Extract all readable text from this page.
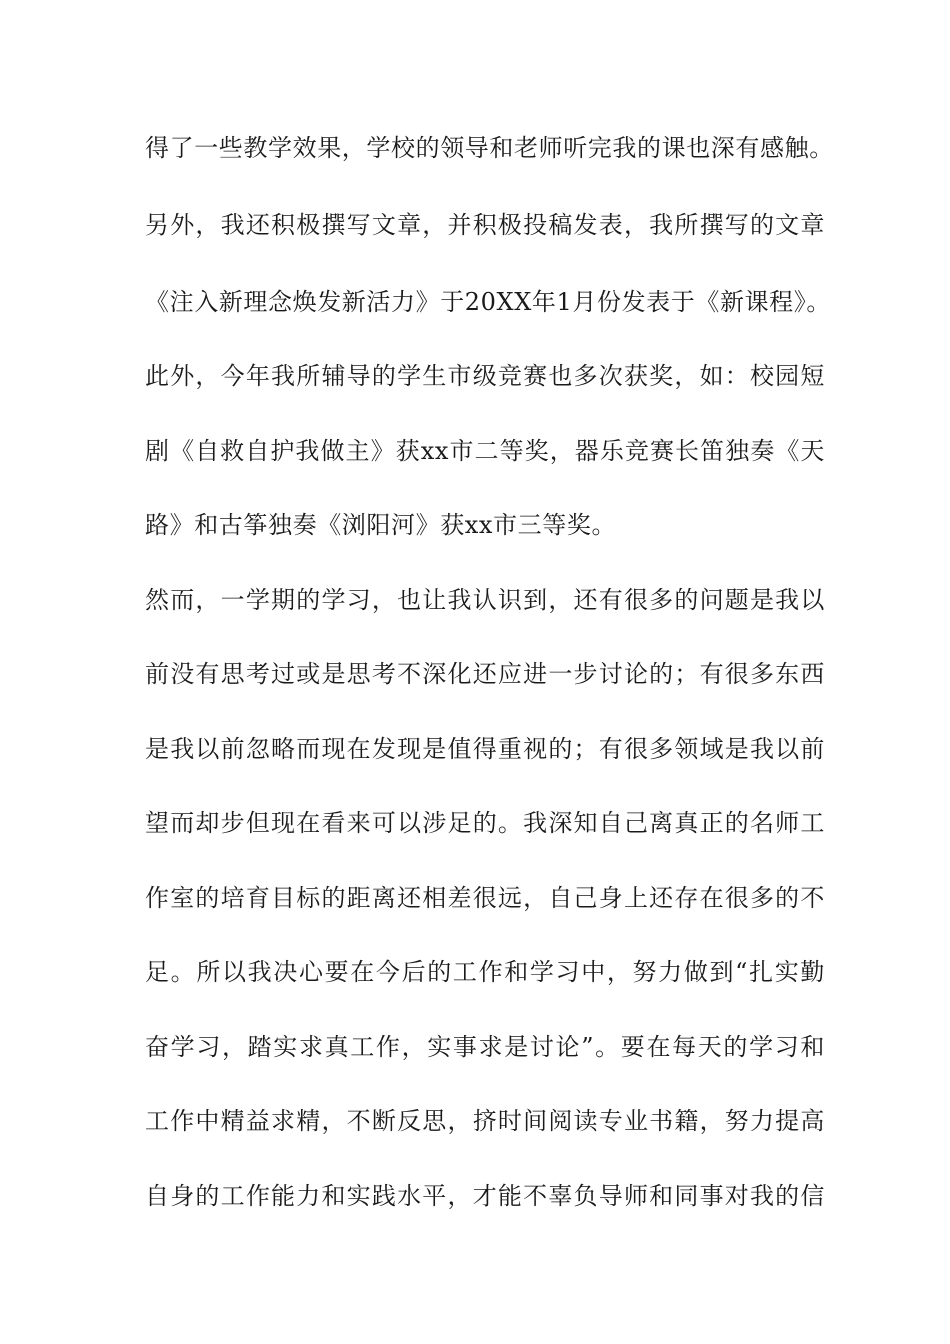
得了一些教学效果，学校的领导和老师听完我的课也深有感触。
另外，我还积极撰写文章，并积极投稿发表，我所撰写的文章
《注入新理念焕发新活力》于20XX年1月份发表于《新课程》。
此外，今年我所辅导的学生市级竞赛也多次获奖，如：校园短
剧《自救自护我做主》获xx市二等奖，器乐竞赛长笛独奏《天
路》和古筝独奏《浏阳河》获xx市三等奖。
然而，一学期的学习，也让我认识到，还有很多的问题是我以
前没有思考过或是思考不深化还应进一步讨论的；有很多东西
是我以前忽略而现在发现是值得重视的；有很多领域是我以前
望而却步但现在看来可以涉足的。我深知自己离真正的名师工
作室的培育目标的距离还相差很远，自己身上还存在很多的不
足。所以我决心要在今后的工作和学习中，努力做到“扎实勤
奋学习，踏实求真工作，实事求是讨论”。要在每天的学习和
工作中精益求精，不断反思，挤时间阅读专业书籍，努力提高
自身的工作能力和实践水平，才能不辜负导师和同事对我的信
